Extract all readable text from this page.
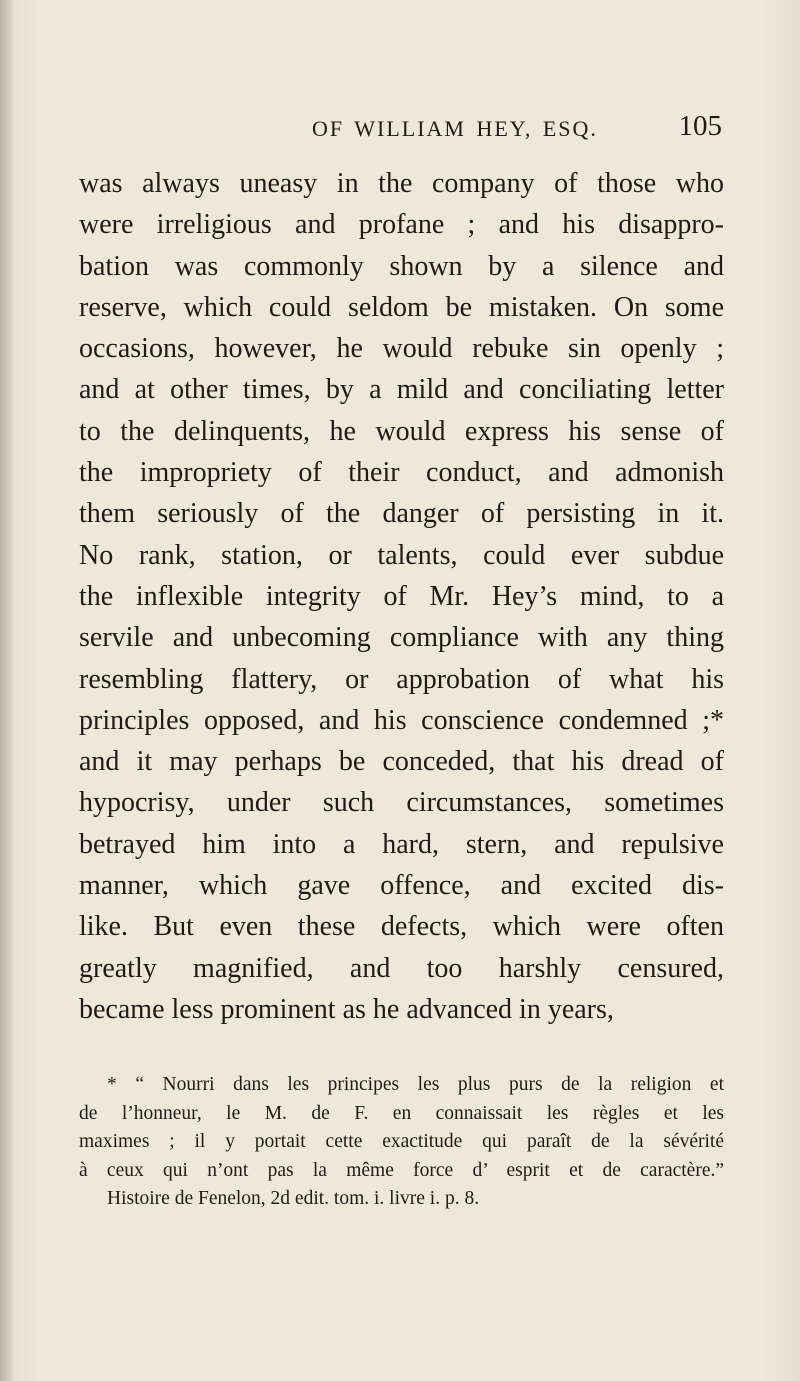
OF WILLIAM HEY, ESQ.	105
was always uneasy in the company of those who
were irreligious and profane ; and his disappro-
bation was commonly shown by a silence and
reserve, which could seldom be mistaken. On some
occasions, however, he would rebuke sin openly ;
and at other times, by a mild and conciliating letter
to the delinquents, he would express his sense of
the impropriety of their conduct, and admonish
them seriously of the danger of persisting in it.
No rank, station, or talents, could ever subdue
the inflexible integrity of Mr. Hey’s mind, to a
servile and unbecoming compliance with any thing
resembling flattery, or approbation of what his
principles opposed, and his conscience condemned ;*
and it may perhaps be conceded, that his dread of
hypocrisy, under such circumstances, sometimes
betrayed him into a hard, stern, and repulsive
manner, which gave offence, and excited dis-
like. But even these defects, which were often
greatly magnified, and too harshly censured,
became less prominent as he advanced in years,
* “ Nourri dans les principes les plus purs de la religion et
de l’honneur, le M. de F. en connaissait les règles et les
maximes ; il y portait cette exactitude qui paraît de la sévérité
à ceux qui n’ont pas la même force d’ esprit et de caractère.”
Histoire de Fenelon, 2d edit. tom. i. livre i. p. 8.
